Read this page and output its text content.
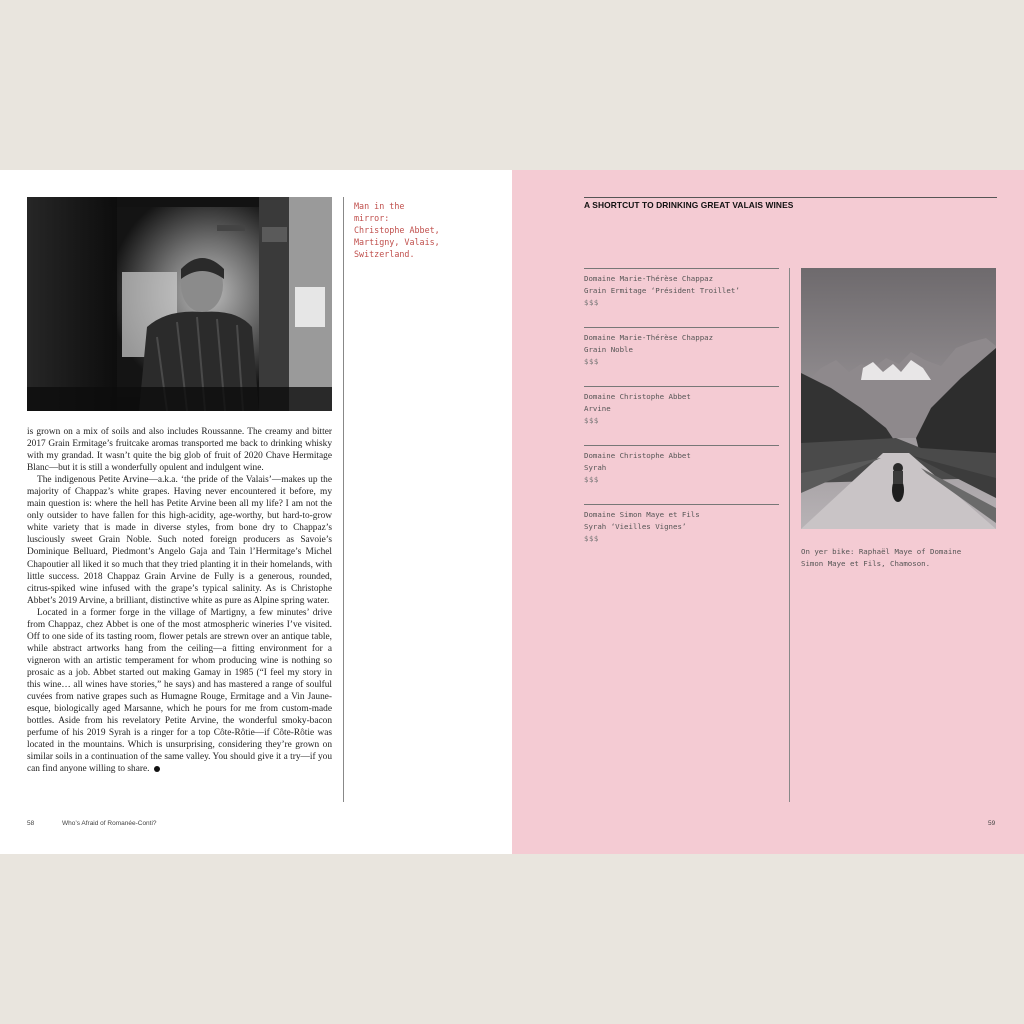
Man in the
mirror:
Christophe Abbet,
Martigny, Valais,
Switzerland.

is grown on a mix of soils and also includes Roussanne. The creamy and bitter 2017 Grain Ermitage’s fruitcake aromas transported me back to drinking whisky with my grandad. It wasn’t quite the big glob of fruit of 2020 Chave Hermitage Blanc—but it is still a wonderfully opulent and indulgent wine.

The indigenous Petite Arvine—a.k.a. ‘the pride of the Valais’—makes up the majority of Chappaz’s white grapes. Having never encountered it before, my main question is: where the hell has Petite Arvine been all my life? I am not the only outsider to have fallen for this high-acidity, age-worthy, but hard-to-grow white variety that is made in diverse styles, from bone dry to Chappaz’s lusciously sweet Grain Noble. Such noted foreign producers as Savoie’s Dominique Belluard, Piedmont’s Angelo Gaja and Tain l’Hermitage’s Michel Chapoutier all liked it so much that they tried planting it in their homelands, with little success. 2018 Chappaz Grain Arvine de Fully is a generous, rounded, citrus-spiked wine infused with the grape’s typical salinity. As is Christophe Abbet’s 2019 Arvine, a brilliant, distinctive white as pure as Alpine spring water.

Located in a former forge in the village of Martigny, a few minutes’ drive from Chappaz, chez Abbet is one of the most atmospheric wineries I’ve visited. Off to one side of its tasting room, flower petals are strewn over an antique table, while abstract artworks hang from the ceiling—a fitting environment for a vigneron with an artistic temperament for whom producing wine is nothing so prosaic as a job. Abbet started out making Gamay in 1985 (“I feel my story in this wine… all wines have stories,” he says) and has mastered a range of soulful cuvées from native grapes such as Humagne Rouge, Ermitage and a Vin Jaune-esque, biologically aged Marsanne, which he pours for me from custom-made bottles. Aside from his revelatory Petite Arvine, the wonderful smoky-bacon perfume of his 2019 Syrah is a ringer for a top Côte-Rôtie—if Côte-Rôtie was located in the mountains. Which is unsurprising, considering they’re grown on similar soils in a continuation of the same valley. You should give it a try—if you can find anyone willing to share.

58	Who’s Afraid of Romanée-Conti?
A SHORTCUT TO DRINKING GREAT VALAIS WINES
Domaine Marie-Thérèse Chappaz
Grain Ermitage ‘Président Troillet’
$$$
Domaine Marie-Thérèse Chappaz
Grain Noble
$$$
Domaine Christophe Abbet
Arvine
$$$
Domaine Christophe Abbet
Syrah
$$$
Domaine Simon Maye et Fils
Syrah ‘Vieilles Vignes’
$$$
On yer bike: Raphaël Maye of Domaine
Simon Maye et Fils, Chamoson.
59
